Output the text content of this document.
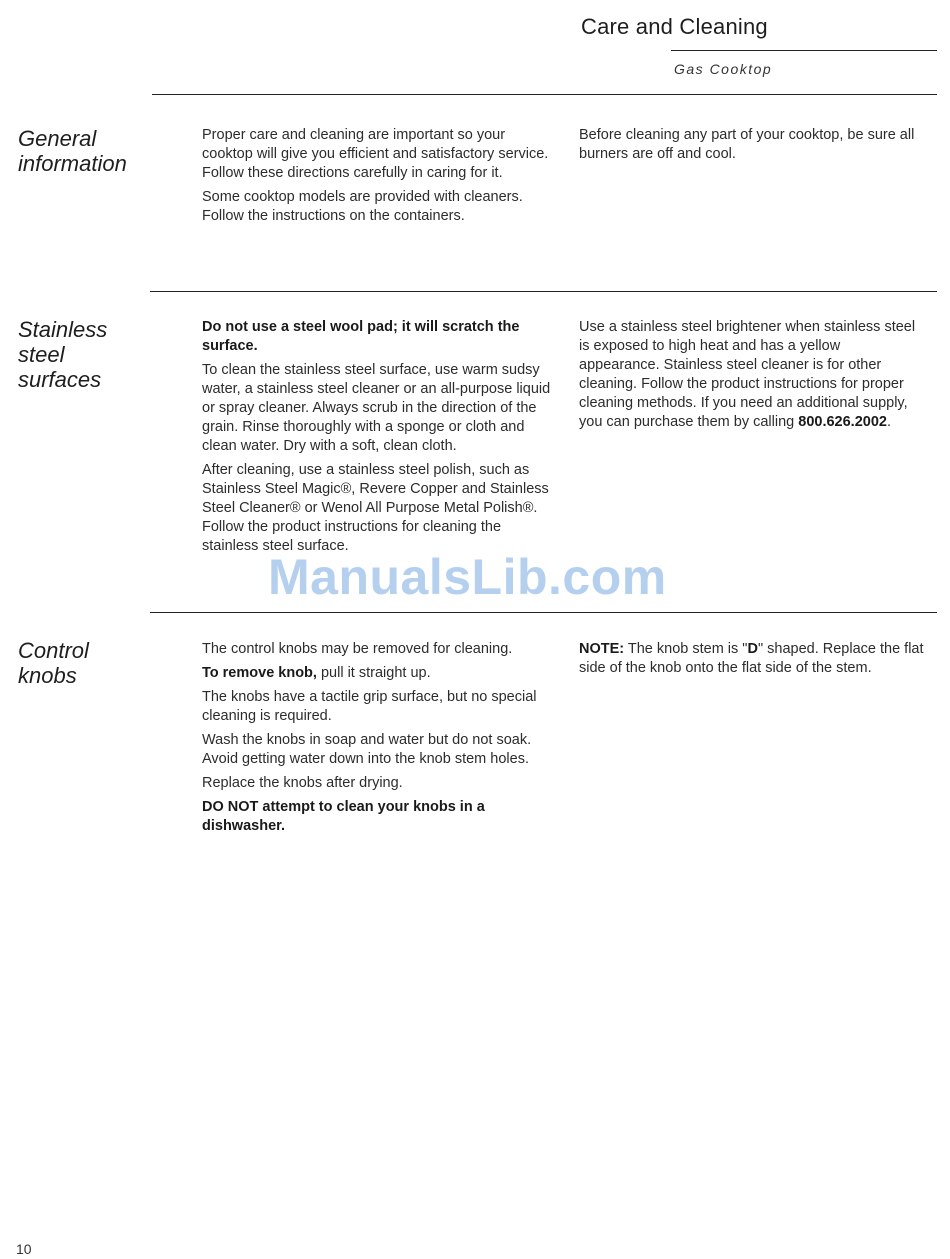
Care and Cleaning
Gas Cooktop
General
information

Proper care and cleaning are important so your cooktop will give you efficient and satisfactory service. Follow these directions carefully in caring for it.

Some cooktop models are provided with cleaners. Follow the instructions on the containers.

Before cleaning any part of your cooktop, be sure all burners are off and cool.

Stainless
steel
surfaces

Do not use a steel wool pad; it will scratch the surface.

To clean the stainless steel surface, use warm sudsy water, a stainless steel cleaner or an all-purpose liquid or spray cleaner. Always scrub in the direction of the grain. Rinse thoroughly with a sponge or cloth and clean water. Dry with a soft, clean cloth.

After cleaning, use a stainless steel polish, such as Stainless Steel Magic®, Revere Copper and Stainless Steel Cleaner® or Wenol All Purpose Metal Polish®. Follow the product instructions for cleaning the stainless steel surface.

Use a stainless steel brightener when stainless steel is exposed to high heat and has a yellow appearance. Stainless steel cleaner is for other cleaning. Follow the product instructions for proper cleaning methods. If you need an additional supply, you can purchase them by calling 800.626.2002.

Control
knobs

The control knobs may be removed for cleaning.

To remove knob, pull it straight up.

The knobs have a tactile grip surface, but no special cleaning is required.

Wash the knobs in soap and water but do not soak. Avoid getting water down into the knob stem holes.

Replace the knobs after drying.

DO NOT attempt to clean your knobs in a dishwasher.

NOTE: The knob stem is "D" shaped. Replace the flat side of the knob onto the flat side of the stem.

ManualsLib.com
10
